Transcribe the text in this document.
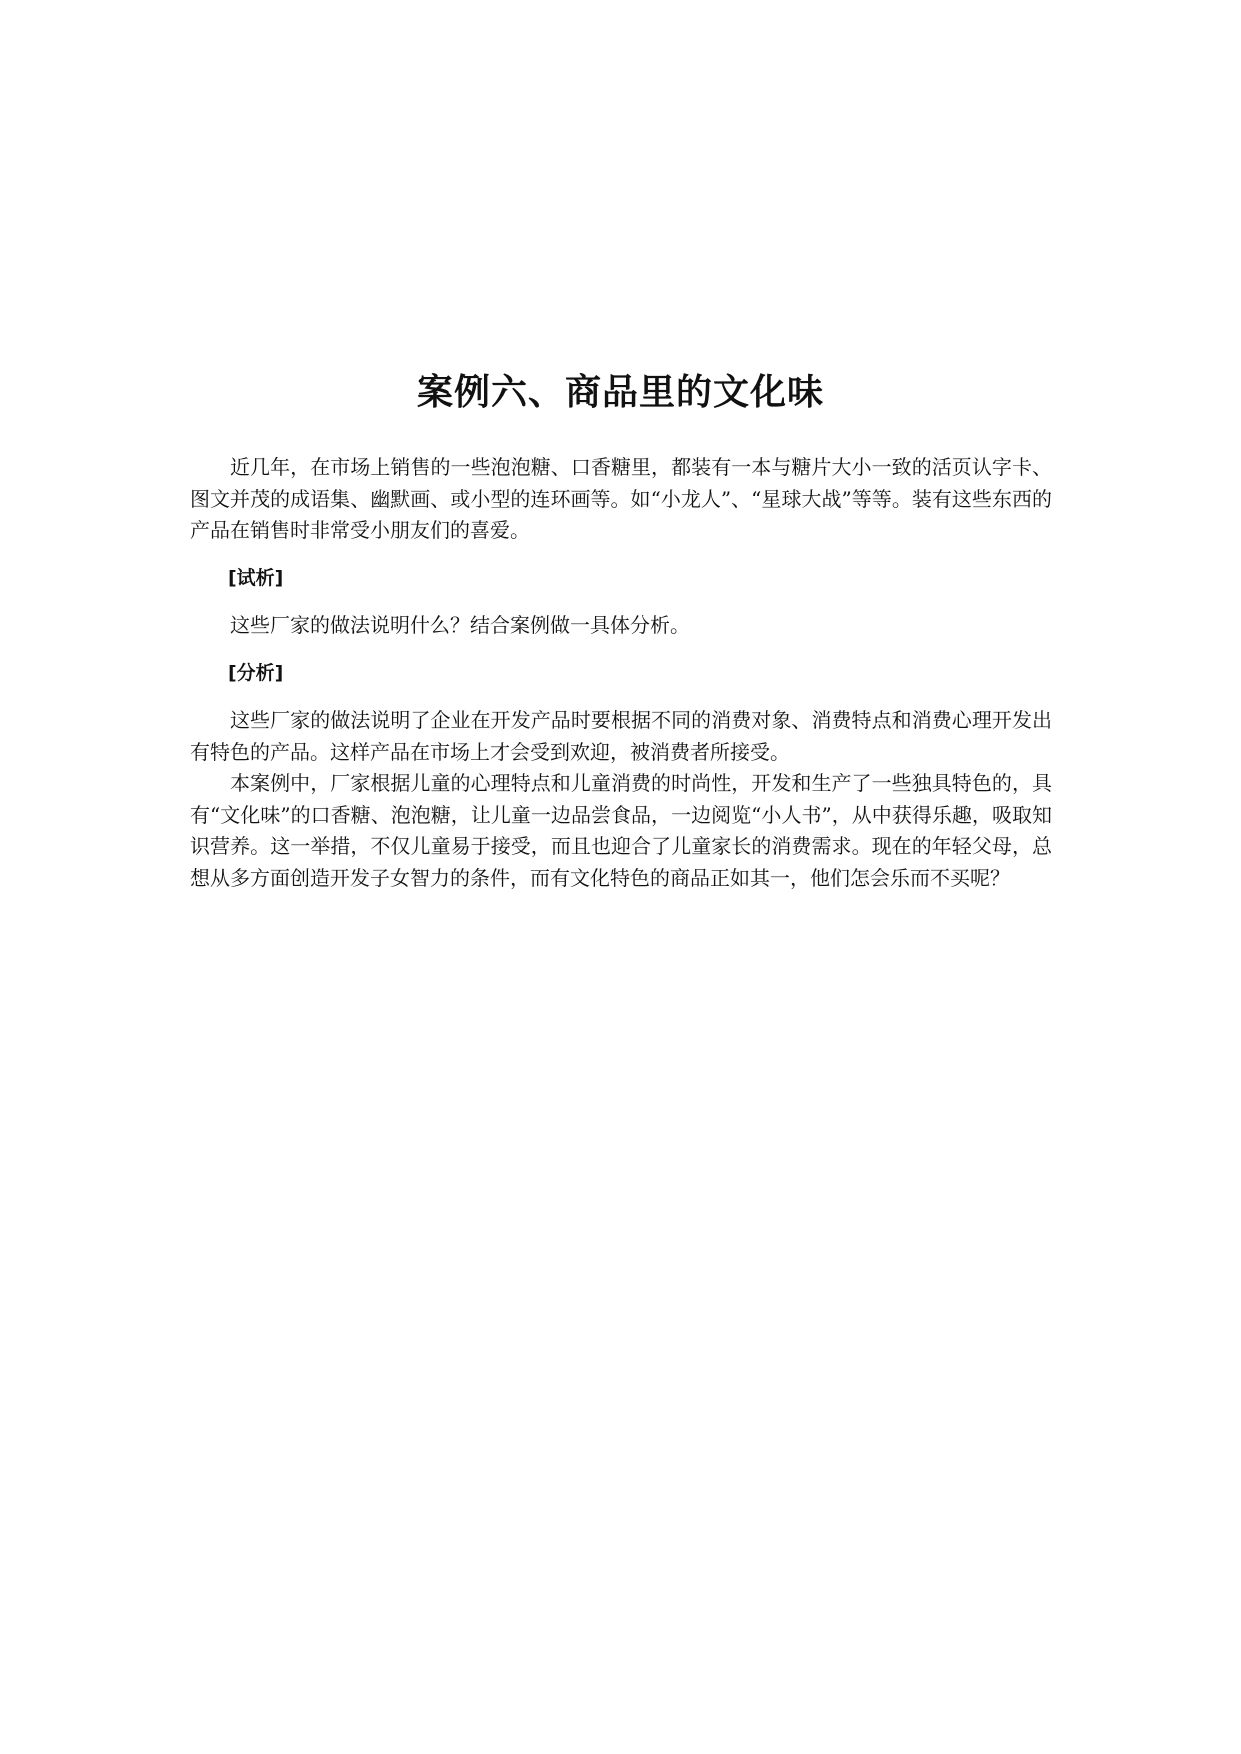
案例六、商品里的文化味

近几年，在市场上销售的一些泡泡糖、口香糖里，都装有一本与糖片大小一致的活页认字卡、图文并茂的成语集、幽默画、或小型的连环画等。如“小龙人”、“星球大战”等等。装有这些东西的产品在销售时非常受小朋友们的喜爱。

[试析]

这些厂家的做法说明什么？结合案例做一具体分析。

[分析]

这些厂家的做法说明了企业在开发产品时要根据不同的消费对象、消费特点和消费心理开发出有特色的产品。这样产品在市场上才会受到欢迎，被消费者所接受。

本案例中，厂家根据儿童的心理特点和儿童消费的时尚性，开发和生产了一些独具特色的，具有“文化味”的口香糖、泡泡糖，让儿童一边品尝食品，一边阅览“小人书”，从中获得乐趣，吸取知识营养。这一举措，不仅儿童易于接受，而且也迎合了儿童家长的消费需求。现在的年轻父母，总想从多方面创造开发子女智力的条件，而有文化特色的商品正如其一，他们怎会乐而不买呢？
